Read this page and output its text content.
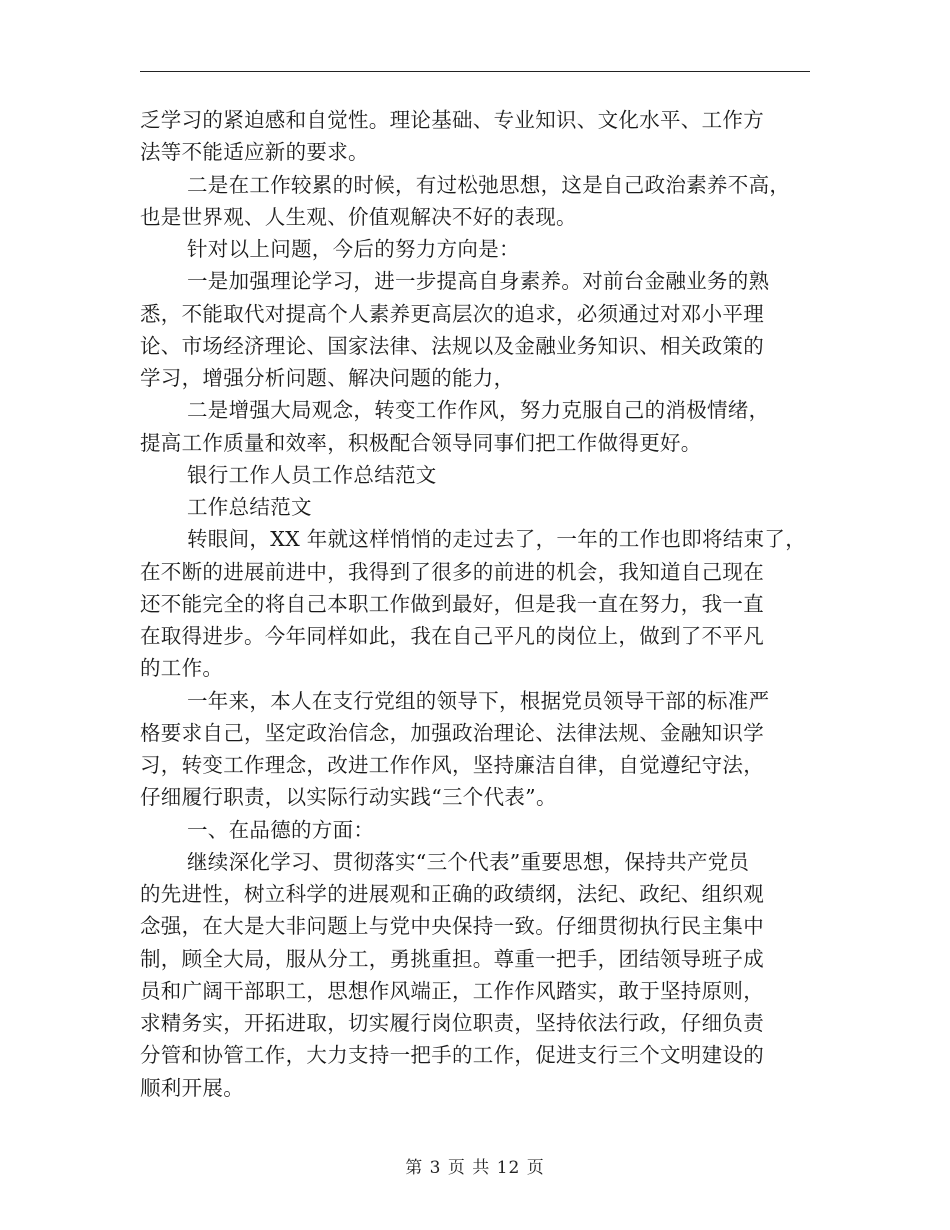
乏学习的紧迫感和自觉性。理论基础、专业知识、文化水平、工作方
法等不能适应新的要求。
二是在工作较累的时候，有过松弛思想，这是自己政治素养不高，
也是世界观、人生观、价值观解决不好的表现。
针对以上问题，今后的努力方向是：
一是加强理论学习，进一步提高自身素养。对前台金融业务的熟
悉，不能取代对提高个人素养更高层次的追求，必须通过对邓小平理
论、市场经济理论、国家法律、法规以及金融业务知识、相关政策的
学习，增强分析问题、解决问题的能力，
二是增强大局观念，转变工作作风，努力克服自己的消极情绪，
提高工作质量和效率，积极配合领导同事们把工作做得更好。
银行工作人员工作总结范文
工作总结范文
转眼间，XX 年就这样悄悄的走过去了，一年的工作也即将结束了，
在不断的进展前进中，我得到了很多的前进的机会，我知道自己现在
还不能完全的将自己本职工作做到最好，但是我一直在努力，我一直
在取得进步。今年同样如此，我在自己平凡的岗位上，做到了不平凡
的工作。
一年来，本人在支行党组的领导下，根据党员领导干部的标准严
格要求自己，坚定政治信念，加强政治理论、法律法规、金融知识学
习，转变工作理念，改进工作作风，坚持廉洁自律，自觉遵纪守法，
仔细履行职责，以实际行动实践“三个代表”。
一、在品德的方面：
继续深化学习、贯彻落实“三个代表”重要思想，保持共产党员
的先进性，树立科学的进展观和正确的政绩纲，法纪、政纪、组织观
念强，在大是大非问题上与党中央保持一致。仔细贯彻执行民主集中
制，顾全大局，服从分工，勇挑重担。尊重一把手，团结领导班子成
员和广阔干部职工，思想作风端正，工作作风踏实，敢于坚持原则，
求精务实，开拓进取，切实履行岗位职责，坚持依法行政，仔细负责
分管和协管工作，大力支持一把手的工作，促进支行三个文明建设的
顺利开展。
第 3 页 共 12 页
